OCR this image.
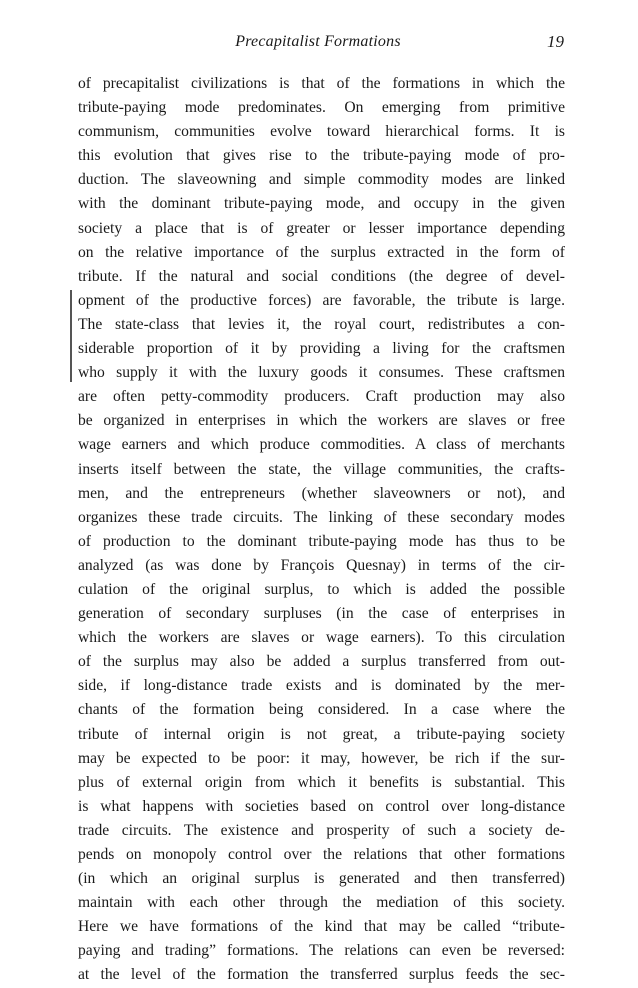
Precapitalist Formations	19
of precapitalist civilizations is that of the formations in which the
tribute-paying mode predominates. On emerging from primitive
communism, communities evolve toward hierarchical forms. It is
this evolution that gives rise to the tribute-paying mode of pro-
duction. The slaveowning and simple commodity modes are linked
with the dominant tribute-paying mode, and occupy in the given
society a place that is of greater or lesser importance depending
on the relative importance of the surplus extracted in the form of
tribute. If the natural and social conditions (the degree of devel-
opment of the productive forces) are favorable, the tribute is large.
The state-class that levies it, the royal court, redistributes a con-
siderable proportion of it by providing a living for the craftsmen
who supply it with the luxury goods it consumes. These craftsmen
are often petty-commodity producers. Craft production may also
be organized in enterprises in which the workers are slaves or free
wage earners and which produce commodities. A class of merchants
inserts itself between the state, the village communities, the crafts-
men, and the entrepreneurs (whether slaveowners or not), and
organizes these trade circuits. The linking of these secondary modes
of production to the dominant tribute-paying mode has thus to be
analyzed (as was done by François Quesnay) in terms of the cir-
culation of the original surplus, to which is added the possible
generation of secondary surpluses (in the case of enterprises in
which the workers are slaves or wage earners). To this circulation
of the surplus may also be added a surplus transferred from out-
side, if long-distance trade exists and is dominated by the mer-
chants of the formation being considered. In a case where the
tribute of internal origin is not great, a tribute-paying society
may be expected to be poor: it may, however, be rich if the sur-
plus of external origin from which it benefits is substantial. This
is what happens with societies based on control over long-distance
trade circuits. The existence and prosperity of such a society de-
pends on monopoly control over the relations that other formations
(in which an original surplus is generated and then transferred)
maintain with each other through the mediation of this society.
Here we have formations of the kind that may be called “tribute-
paying and trading” formations. The relations can even be reversed:
at the level of the formation the transferred surplus feeds the sec-
